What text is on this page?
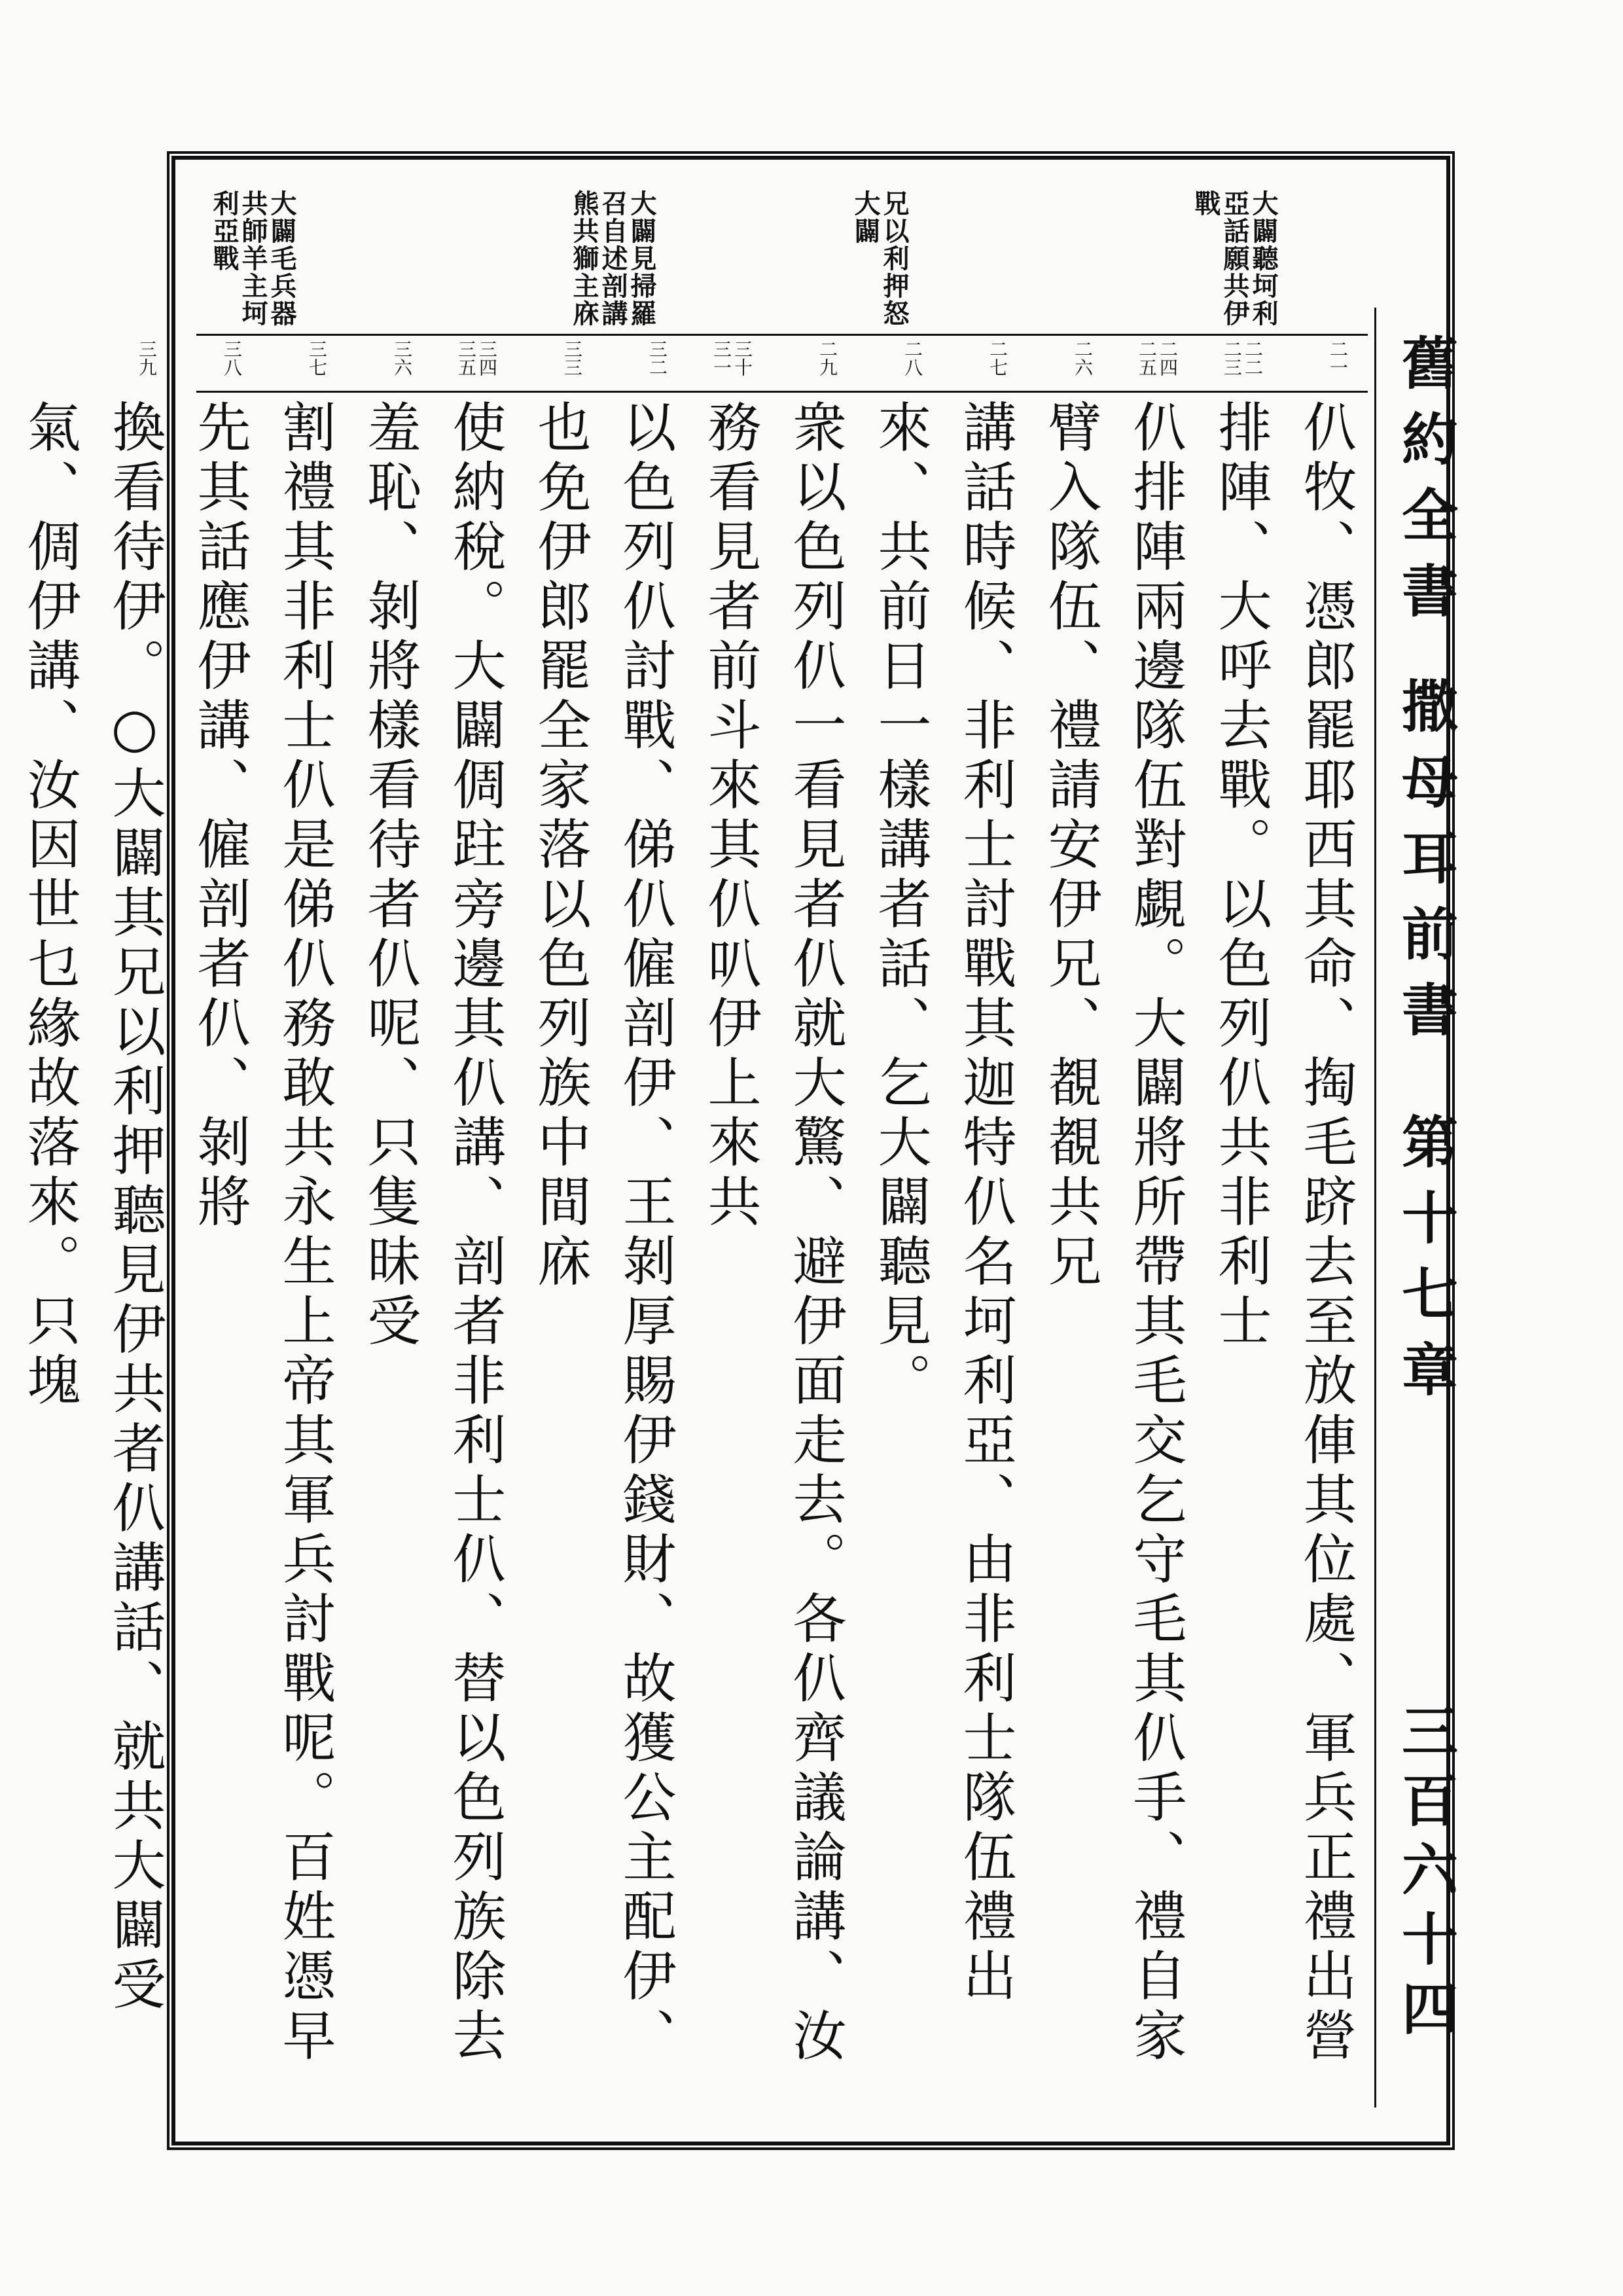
大闢聽坷利亞話願共伊戰
兄以利押怒大闢
大闢見掃羅召自述剖講熊共獅主庥
大闢毛兵器共師羊主坷利亞戰
二一
二二 二三
二四 二五
二六
二七
二八
二九
三十 三一
三二
三三
三四 三五
三六
三七
三八
三九
仈牧、憑郎罷耶西其命、掏毛跻去至放俥其位處、軍兵正禮出營排陣、大呼去戰。以色列仈共非利士
仈排陣兩邊隊伍對覷。大闢將所帶其毛交乞守毛其仈手、禮自家臂入隊伍、禮請安伊兄、覩覩共兄
講話時候、非利士討戰其迦特仈名坷利亞、由非利士隊伍禮出來、共前日一樣講者話、乞大闢聽見。
衆以色列仈一看見者仈就大驚、避伊面走去。各仈齊議論講、汝務看見者前斗來其仈叭伊上來共
以色列仈討戰、俤仈僱剖伊、王剝厚賜伊錢財、故獲公主配伊、也免伊郎罷全家落以色列族中間庥
使納稅。大闢倜跓旁邊其仈講、剖者非利士仈、替以色列族除去羞恥、剝將樣看待者仈呢、只隻昧受
割禮其非利士仈是俤仈務敢共永生上帝其軍兵討戰呢。百姓憑早先其話應伊講、僱剖者仈、剝將
換看待伊。○大闢其兄以利押聽見伊共者仈講話、就共大闢受氣、倜伊講、汝因世乜緣故落來。只塊	舊約全書 撒母耳前書
第十七章
三百六十四
